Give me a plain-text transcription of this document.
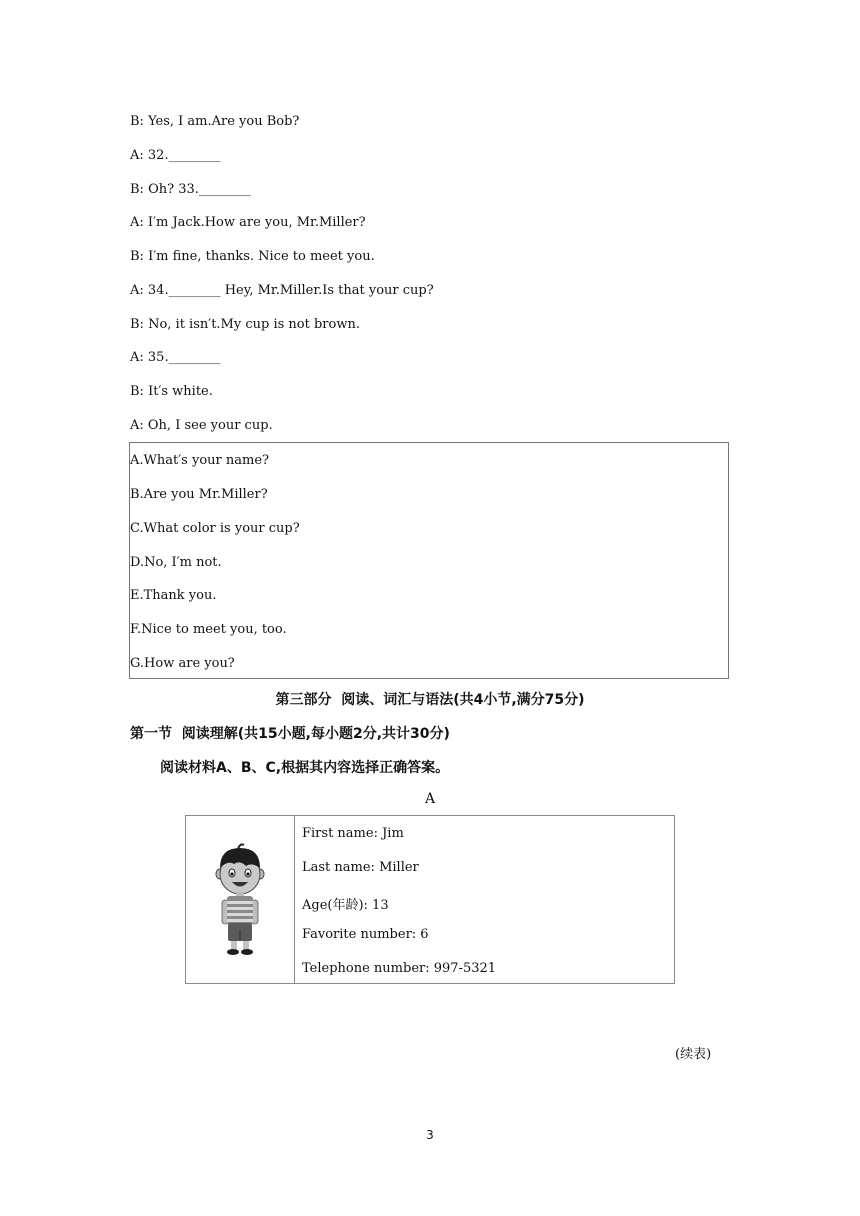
B: Yes, I am.Are you Bob?
A: 32.________
B: Oh? 33.________
A: I′m Jack.How are you, Mr.Miller?
B: I′m fine, thanks. Nice to meet you.
A: 34.________ Hey, Mr.Miller.Is that your cup?
B: No, it isn′t.My cup is not brown.
A: 35.________
B: It′s white.
A: Oh, I see your cup.
A.What′s your name?
B.Are you Mr.Miller?
C.What color is your cup?
D.No, I′m not.
E.Thank you.
F.Nice to meet you, too.
G.How are you?
第三部分  阅读、词汇与语法(共4小节,满分75分)
第一节  阅读理解(共15小题,每小题2分,共计30分)
阅读材料A、B、C,根据其内容选择正确答案。
A
First name: Jim
Last name: Miller
Age(年龄): 13
Favorite number: 6
Telephone number: 997-5321
(续表)
3
